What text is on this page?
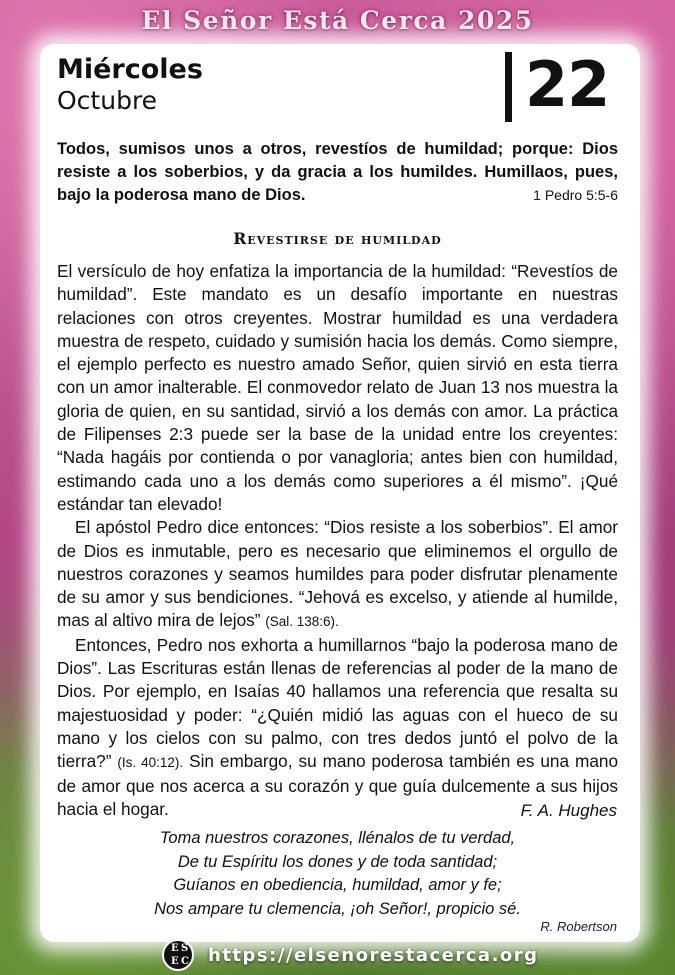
El Señor Está Cerca 2025
Miércoles
Octubre	22
Todos, sumisos unos a otros, revestíos de humildad; porque: Dios resiste a los soberbios, y da gracia a los humildes. Humillaos, pues, bajo la poderosa mano de Dios.	1 Pedro 5:5-6
Revestirse de humildad

El versículo de hoy enfatiza la importancia de la humildad: “Revestíos de humildad”. Este mandato es un desafío importante en nuestras relaciones con otros creyentes. Mostrar humildad es una verdadera muestra de respeto, cuidado y sumisión hacia los demás. Como siempre, el ejemplo perfecto es nuestro amado Señor, quien sirvió en esta tierra con un amor inalterable. El conmovedor relato de Juan 13 nos muestra la gloria de quien, en su santidad, sirvió a los demás con amor. La práctica de Filipenses 2:3 puede ser la base de la unidad entre los creyentes: “Nada hagáis por contienda o por vanagloria; antes bien con humildad, estimando cada uno a los demás como superiores a él mismo”. ¡Qué estándar tan elevado!

El apóstol Pedro dice entonces: “Dios resiste a los soberbios”. El amor de Dios es inmutable, pero es necesario que eliminemos el orgullo de nuestros corazones y seamos humildes para poder disfrutar plenamente de su amor y sus bendiciones. “Jehová es excelso, y atiende al humilde, mas al altivo mira de lejos” (Sal. 138:6).

Entonces, Pedro nos exhorta a humillarnos “bajo la poderosa mano de Dios”. Las Escrituras están llenas de referencias al poder de la mano de Dios. Por ejemplo, en Isaías 40 hallamos una referencia que resalta su majestuosidad y poder: “¿Quién midió las aguas con el hueco de su mano y los cielos con su palmo, con tres dedos juntó el polvo de la tierra?” (Is. 40:12). Sin embargo, su mano poderosa también es una mano de amor que nos acerca a su corazón y que guía dulcemente a sus hijos hacia el hogar.	F. A. Hughes
Toma nuestros corazones, llénalos de tu verdad,
De tu Espíritu los dones y de toda santidad;
Guíanos en obediencia, humildad, amor y fe;
Nos ampare tu clemencia, ¡oh Señor!, propicio sé.
R. Robertson
E S
E C https://elsenorestacerca.org
